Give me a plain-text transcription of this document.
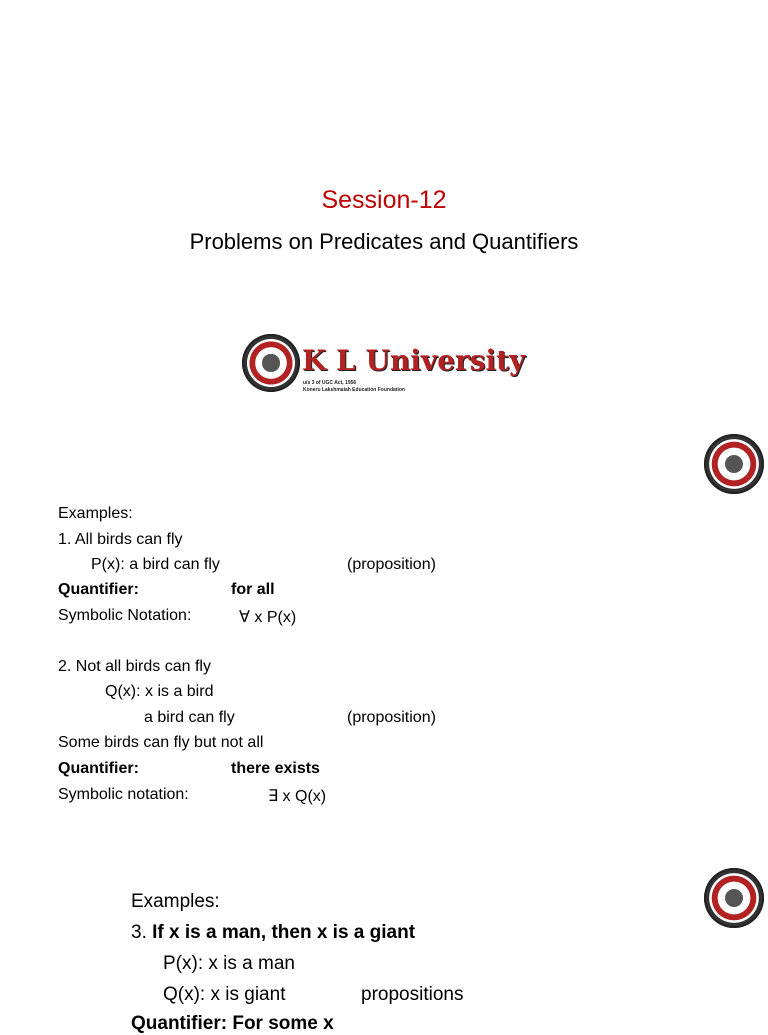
Session-12
Problems on Predicates and Quantifiers
K L University
u/s 3 of UGC Act, 1956
Koneru Lakshmaiah Education Foundation
Examples:
1. All birds can fly
P(x): a bird can fly	(proposition)
Quantifier:	for all
Symbolic Notation:	∀ x P(x)
2. Not all birds can fly
Q(x): x is a bird
a bird can fly	(proposition)
Some birds can fly but not all
Quantifier:	there exists
Symbolic notation:	∃ x Q(x)
Examples:
3. If x is a man, then x is a giant
P(x): x is a man
Q(x): x is giant	propositions
Quantifier: For some x
